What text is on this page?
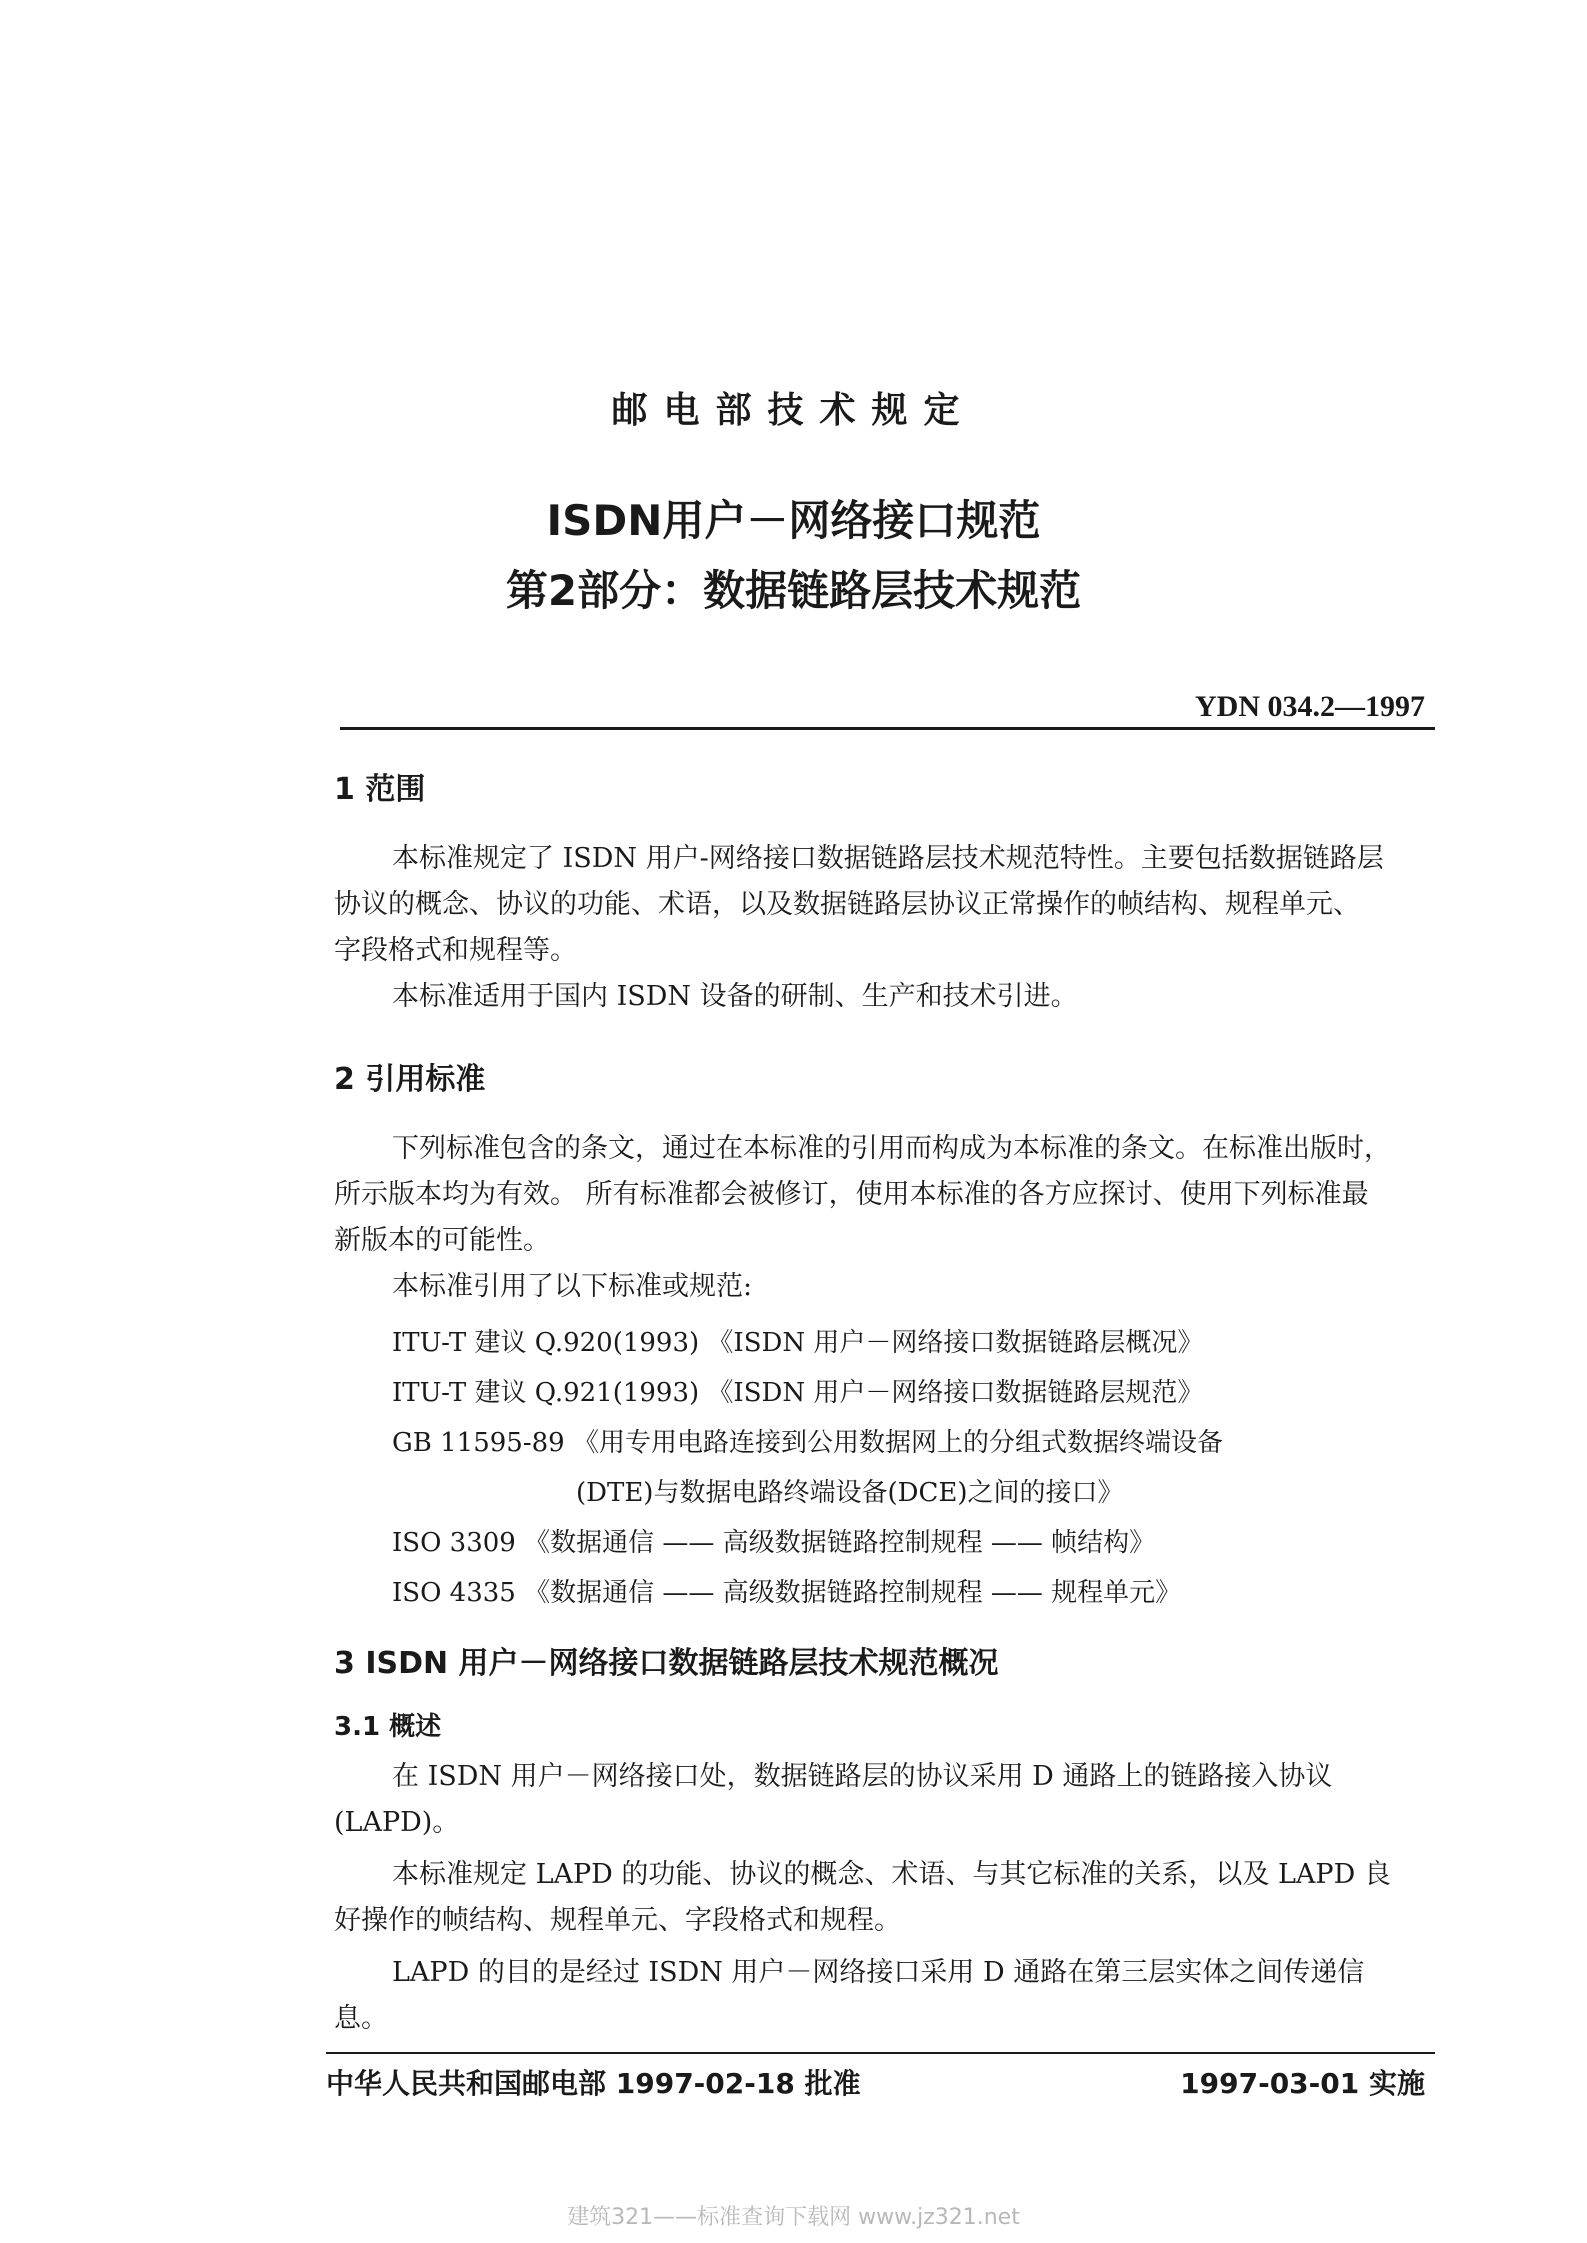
邮电部技术规定
ISDN用户－网络接口规范
第2部分：数据链路层技术规范
YDN 034.2—1997
1 范围
本标准规定了 ISDN 用户-网络接口数据链路层技术规范特性。主要包括数据链路层
协议的概念、协议的功能、术语，以及数据链路层协议正常操作的帧结构、规程单元、
字段格式和规程等。
本标准适用于国内 ISDN 设备的研制、生产和技术引进。
2 引用标准
下列标准包含的条文，通过在本标准的引用而构成为本标准的条文。在标准出版时，
所示版本均为有效。 所有标准都会被修订，使用本标准的各方应探讨、使用下列标准最
新版本的可能性。
本标准引用了以下标准或规范:
ITU-T 建议 Q.920(1993) 《ISDN 用户－网络接口数据链路层概况》
ITU-T 建议 Q.921(1993) 《ISDN 用户－网络接口数据链路层规范》
GB 11595-89 《用专用电路连接到公用数据网上的分组式数据终端设备
(DTE)与数据电路终端设备(DCE)之间的接口》
ISO 3309 《数据通信 —— 高级数据链路控制规程 —— 帧结构》
ISO 4335 《数据通信 —— 高级数据链路控制规程 —— 规程单元》
3 ISDN 用户－网络接口数据链路层技术规范概况
3.1 概述
在 ISDN 用户－网络接口处，数据链路层的协议采用 D 通路上的链路接入协议
(LAPD)。
本标准规定 LAPD 的功能、协议的概念、术语、与其它标准的关系，以及 LAPD 良
好操作的帧结构、规程单元、字段格式和规程。
LAPD 的目的是经过 ISDN 用户－网络接口采用 D 通路在第三层实体之间传递信
息。
中华人民共和国邮电部 1997-02-18 批准	1997-03-01 实施
建筑321——标准查询下载网 www.jz321.net
